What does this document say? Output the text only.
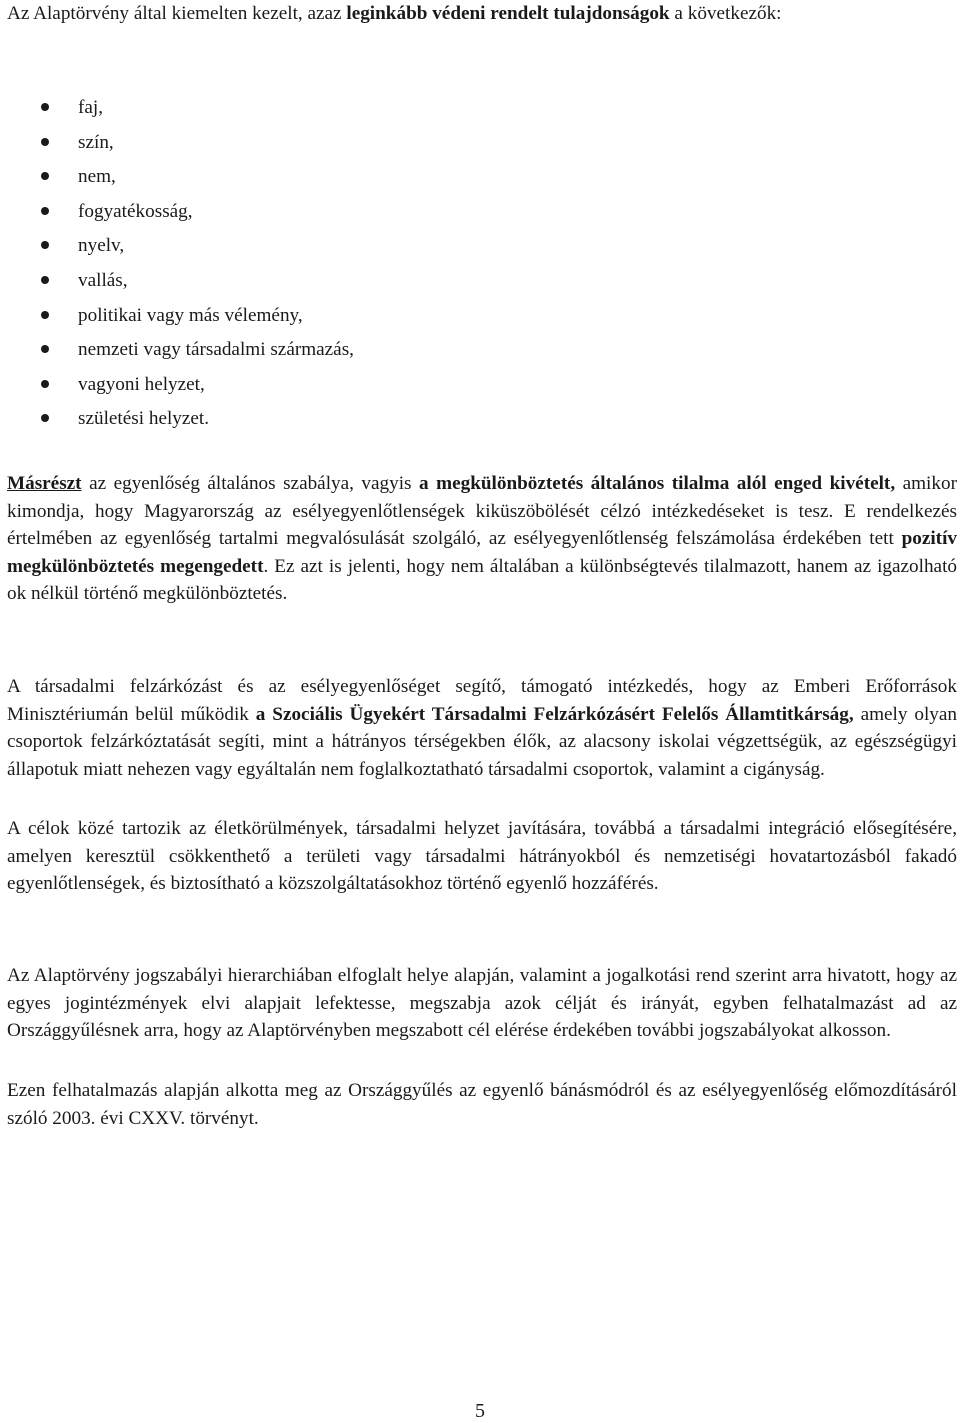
Az Alaptörvény által kiemelten kezelt, azaz leginkább védeni rendelt tulajdonságok a következők:

faj,
szín,
nem,
fogyatékosság,
nyelv,
vallás,
politikai vagy más vélemény,
nemzeti vagy társadalmi származás,
vagyoni helyzet,
születési helyzet.

Másrészt az egyenlőség általános szabálya, vagyis a megkülönböztetés általános tilalma alól enged kivételt, amikor kimondja, hogy Magyarország az esélyegyenlőtlenségek kiküszöbölését célzó intézkedéseket is tesz. E rendelkezés értelmében az egyenlőség tartalmi megvalósulását szolgáló, az esélyegyenlőtlenség felszámolása érdekében tett pozitív megkülönböztetés megengedett. Ez azt is jelenti, hogy nem általában a különbségtevés tilalmazott, hanem az igazolható ok nélkül történő megkülönböztetés.

A társadalmi felzárkózást és az esélyegyenlőséget segítő, támogató intézkedés, hogy az Emberi Erőforrások Minisztériumán belül működik a Szociális Ügyekért Társadalmi Felzárkózásért Felelős Államtitkárság, amely olyan csoportok felzárkóztatását segíti, mint a hátrányos térségekben élők, az alacsony iskolai végzettségük, az egészségügyi állapotuk miatt nehezen vagy egyáltalán nem foglalkoztatható társadalmi csoportok, valamint a cigányság.

A célok közé tartozik az életkörülmények, társadalmi helyzet javítására, továbbá a társadalmi integráció elősegítésére, amelyen keresztül csökkenthető a területi vagy társadalmi hátrányokból és nemzetiségi hovatartozásból fakadó egyenlőtlenségek, és biztosítható a közszolgáltatásokhoz történő egyenlő hozzáférés.

Az Alaptörvény jogszabályi hierarchiában elfoglalt helye alapján, valamint a jogalkotási rend szerint arra hivatott, hogy az egyes jogintézmények elvi alapjait lefektesse, megszabja azok célját és irányát, egyben felhatalmazást ad az Országgyűlésnek arra, hogy az Alaptörvényben megszabott cél elérése érdekében további jogszabályokat alkosson.

Ezen felhatalmazás alapján alkotta meg az Országgyűlés az egyenlő bánásmódról és az esélyegyenlőség előmozdításáról szóló 2003. évi CXXV. törvényt.

5
